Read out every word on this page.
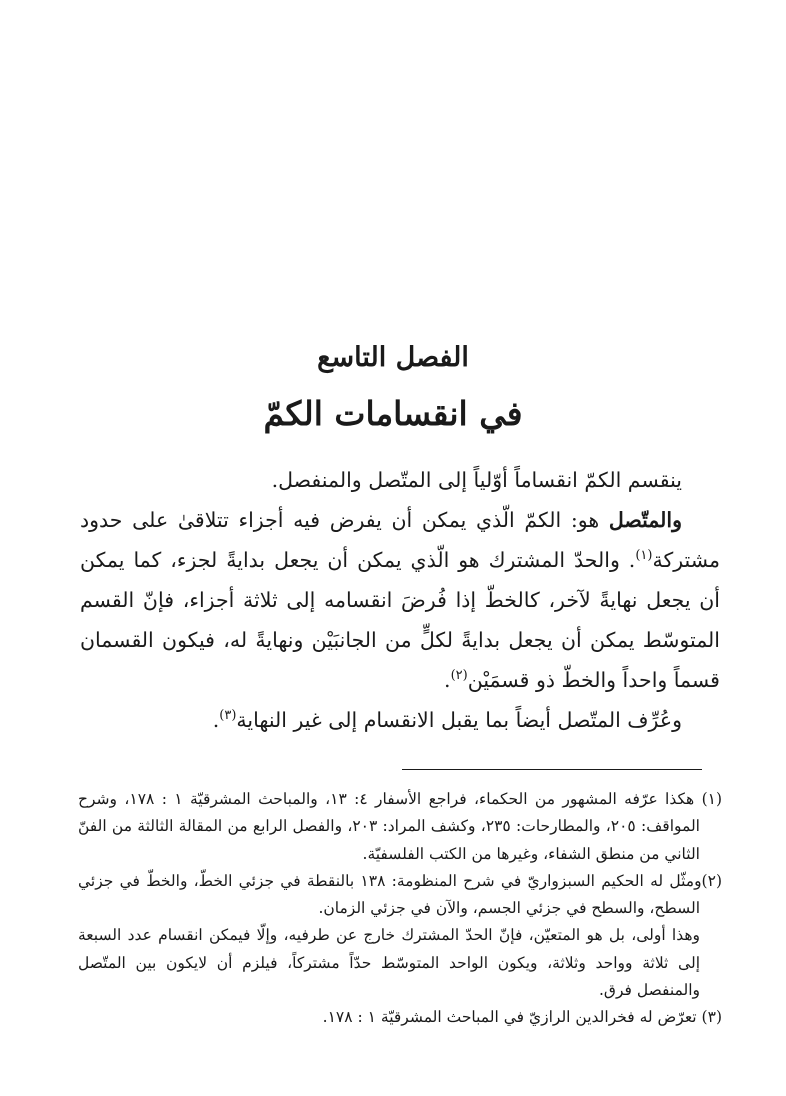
الفصل التاسع
في انقسامات الكمّ

ينقسم الكمّ انقساماً أوّلياً إلى المتّصل والمنفصل.

والمتّصل هو: الكمّ الّذي يمكن أن يفرض فيه أجزاء تتلاقىٰ على حدود مشتركة$^{(١)}$. والحدّ المشترك هو الّذي يمكن أن يجعل بدايةً لجزء، كما يمكن أن يجعل نهايةً لآخر، كالخطّ إذا فُرضَ انقسامه إلى ثلاثة أجزاء، فإنّ القسم المتوسّط يمكن أن يجعل بدايةً لكلٍّ من الجانبَيْن ونهايةً له، فيكون القسمان قسماً واحداً والخطّ ذو قسمَيْن$^{(٢)}$.

وعُرِّف المتّصل أيضاً بما يقبل الانقسام إلى غير النهاية$^{(٣)}$.

(١) هكذا عرّفه المشهور من الحكماء، فراجع الأسفار ٤: ١٣، والمباحث المشرقيّة ١ : ١٧٨، وشرح المواقف: ٢٠٥، والمطارحات: ٢٣٥، وكشف المراد: ٢٠٣، والفصل الرابع من المقالة الثالثة من الفنّ الثاني من منطق الشفاء، وغيرها من الكتب الفلسفيّة.

(٢)ومثّل له الحكيم السبزواريّ في شرح المنظومة: ١٣٨ بالنقطة في جزئي الخطّ، والخطّ في جزئي السطح، والسطح في جزئي الجسم، والآن في جزئي الزمان.

وهذا أولى، بل هو المتعيّن، فإنّ الحدّ المشترك خارج عن طرفيه، وإلّا فيمكن انقسام عدد السبعة إلى ثلاثة وواحد وثلاثة، ويكون الواحد المتوسّط حدّاً مشتركاً، فيلزم أن لايكون بين المتّصل والمنفصل فرق.

(٣) تعرّض له فخرالدين الرازيّ في المباحث المشرقيّة ١ : ١٧٨.
